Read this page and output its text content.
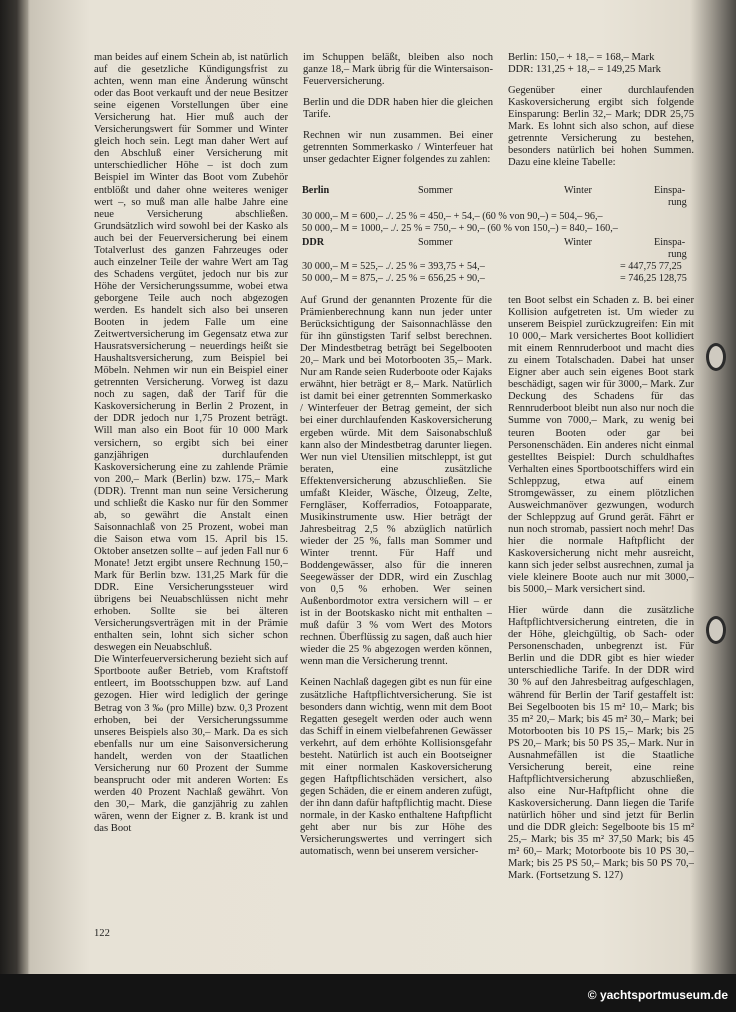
man beides auf einem Schein ab, ist natürlich auf die gesetzliche Kündigungsfrist zu achten, wenn man eine Änderung wünscht oder das Boot verkauft und der neue Besitzer seine eigenen Vorstellungen über eine Versicherung hat. Hier muß auch der Versicherungswert für Sommer und Winter gleich hoch sein. Legt man daher Wert auf den Abschluß einer Versicherung mit unterschiedlicher Höhe – ist doch zum Beispiel im Winter das Boot vom Zubehör entblößt und daher ohne weiteres weniger wert –, so muß man alle halbe Jahre eine neue Versicherung abschließen. Grundsätzlich wird sowohl bei der Kasko als auch bei der Feuerversicherung bei einem Totalverlust des ganzen Fahrzeuges oder auch einzelner Teile der wahre Wert am Tag des Schadens vergütet, jedoch nur bis zur Höhe der Versicherungssumme, wobei etwa geborgene Teile auch noch abgezogen werden. Es handelt sich also bei unseren Booten in jedem Falle um eine Zeitwertversicherung im Gegensatz etwa zur Hausratsversicherung – neuerdings heißt sie Haushaltsversicherung, zum Beispiel bei Möbeln. Nehmen wir nun ein Beispiel einer getrennten Versicherung. Vorweg ist dazu noch zu sagen, daß der Tarif für die Kaskoversicherung in Berlin 2 Prozent, in der DDR jedoch nur 1,75 Prozent beträgt. Will man also ein Boot für 10 000 Mark versichern, so ergibt sich bei einer ganzjährigen durchlaufenden Kaskoversicherung eine zu zahlende Prämie von 200,– Mark (Berlin) bzw. 175,– Mark (DDR). Trennt man nun seine Versicherung und schließt die Kasko nur für den Sommer ab, so gewährt die Anstalt einen Saisonnachlaß von 25 Prozent, wobei man die Saison etwa vom 15. April bis 15. Oktober ansetzen sollte – auf jeden Fall nur 6 Monate! Jetzt ergibt unsere Rechnung 150,– Mark für Berlin bzw. 131,25 Mark für die DDR. Eine Versicherungssteuer wird übrigens bei Neuabschlüssen nicht mehr erhoben. Sollte sie bei älteren Versicherungsverträgen mit in der Prämie enthalten sein, lohnt sich sicher schon deswegen ein Neuabschluß.

Die Winterfeuerversicherung bezieht sich auf Sportboote außer Betrieb, vom Kraftstoff entleert, im Bootsschuppen bzw. auf Land gezogen. Hier wird lediglich der geringe Betrag von 3 ‰ (pro Mille) bzw. 0,3 Prozent erhoben, bei der Versicherungssumme unseres Beispiels also 30,– Mark. Da es sich ebenfalls nur um eine Saisonversicherung handelt, werden von der Staatlichen Versicherung nur 60 Prozent der Summe beansprucht oder mit anderen Worten: Es werden 40 Prozent Nachlaß gewährt. Von den 30,– Mark, die ganzjährig zu zahlen wären, wenn der Eigner z. B. krank ist und das Boot

im Schuppen beläßt, bleiben also noch ganze 18,– Mark übrig für die Wintersaison-Feuerversicherung.

Berlin und die DDR haben hier die gleichen Tarife.

Rechnen wir nun zusammen. Bei einer getrennten Sommerkasko / Winterfeuer hat unser gedachter Eigner folgendes zu zahlen:

Berlin: 150,– + 18,– = 168,– Mark
DDR: 131,25 + 18,– = 149,25 Mark

Gegenüber einer durchlaufenden Kaskoversicherung ergibt sich folgende Einsparung: Berlin 32,– Mark; DDR 25,75 Mark. Es lohnt sich also schon, auf diese getrennte Versicherung zu bestehen, besonders natürlich bei hohen Summen. Dazu eine kleine Tabelle:

Berlin	Sommer	Winter	Einspa-
rung
30 000,– M = 600,– ./. 25 % = 450,– + 54,– (60 % von 90,–) = 504,– 96,–
50 000,– M = 1000,– ./. 25 % = 750,– + 90,– (60 % von 150,–) = 840,– 160,–
DDR	Sommer	Winter	Einspa-
rung
30 000,– M = 525,– ./. 25 % = 393,75 + 54,–	= 447,75 77,25
50 000,– M = 875,– ./. 25 % = 656,25 + 90,–	= 746,25 128,75

Auf Grund der genannten Prozente für die Prämienberechnung kann nun jeder unter Berücksichtigung der Saisonnachlässe den für ihn günstigsten Tarif selbst berechnen. Der Mindestbetrag beträgt bei Segelbooten 20,– Mark und bei Motorbooten 35,– Mark. Nur am Rande seien Ruderboote oder Kajaks erwähnt, hier beträgt er 8,– Mark. Natürlich ist damit bei einer getrennten Sommerkasko / Winterfeuer der Betrag gemeint, der sich bei einer durchlaufenden Kaskoversicherung ergeben würde. Mit dem Saisonabschluß kann also der Mindestbetrag darunter liegen. Wer nun viel Utensilien mitschleppt, ist gut beraten, eine zusätzliche Effektenversicherung abzuschließen. Sie umfaßt Kleider, Wäsche, Ölzeug, Zelte, Ferngläser, Kofferradios, Fotoapparate, Musikinstrumente usw. Hier beträgt der Jahresbeitrag 2,5 % abzüglich natürlich wieder der 25 %, falls man Sommer und Winter trennt. Für Haff und Boddengewässer, also für die inneren Seegewässer der DDR, wird ein Zuschlag von 0,5 % erhoben. Wer seinen Außenbordmotor extra versichern will – er ist in der Bootskasko nicht mit enthalten – muß dafür 3 % vom Wert des Motors rechnen. Überflüssig zu sagen, daß auch hier wieder die 25 % abgezogen werden können, wenn man die Versicherung trennt.

Keinen Nachlaß dagegen gibt es nun für eine zusätzliche Haftpflichtversicherung. Sie ist besonders dann wichtig, wenn mit dem Boot Regatten gesegelt werden oder auch wenn das Schiff in einem vielbefahrenen Gewässer verkehrt, auf dem erhöhte Kollisionsgefahr besteht. Natürlich ist auch ein Bootseigner mit einer normalen Kaskoversicherung gegen Haftpflichtschäden versichert, also gegen Schäden, die er einem anderen zufügt, der ihn dann dafür haftpflichtig macht. Diese normale, in der Kasko enthaltene Haftpflicht geht aber nur bis zur Höhe des Versicherungswertes und verringert sich automatisch, wenn bei unserem versicher-

ten Boot selbst ein Schaden z. B. bei einer Kollision aufgetreten ist. Um wieder zu unserem Beispiel zurückzugreifen: Ein mit 10 000,– Mark versichertes Boot kollidiert mit einem Rennruderboot und macht dies zu einem Totalschaden. Dabei hat unser Eigner aber auch sein eigenes Boot stark beschädigt, sagen wir für 3000,– Mark. Zur Deckung des Schadens für das Rennruderboot bleibt nun also nur noch die Summe von 7000,– Mark, zu wenig bei teuren Booten oder gar bei Personenschäden. Ein anderes nicht einmal gestelltes Beispiel: Durch schuldhaftes Verhalten eines Sportbootschiffers wird ein Schleppzug, etwa auf einem Stromgewässer, zu einem plötzlichen Ausweichmanöver gezwungen, wodurch der Schleppzug auf Grund gerät. Fährt er nun noch stromab, passiert noch mehr! Das hier die normale Haftpflicht der Kaskoversicherung nicht mehr ausreicht, kann sich jeder selbst ausrechnen, zumal ja viele kleinere Boote auch nur mit 3000,– bis 5000,– Mark versichert sind.

Hier würde dann die zusätzliche Haftpflichtversicherung eintreten, die in der Höhe, gleichgültig, ob Sach- oder Personenschaden, unbegrenzt ist. Für Berlin und die DDR gibt es hier wieder unterschiedliche Tarife. In der DDR wird 30 % auf den Jahresbeitrag aufgeschlagen, während für Berlin der Tarif gestaffelt ist: Bei Segelbooten bis 15 m² 10,– Mark; bis 35 m² 20,– Mark; bis 45 m² 30,– Mark; bei Motorbooten bis 10 PS 15,– Mark; bis 25 PS 20,– Mark; bis 50 PS 35,– Mark. Nur in Ausnahmefällen ist die Staatliche Versicherung bereit, eine reine Haftpflichtversicherung abzuschließen, also eine Nur-Haftpflicht ohne die Kaskoversicherung. Dann liegen die Tarife natürlich höher und sind jetzt für Berlin und die DDR gleich: Segelboote bis 15 m² 25,– Mark; bis 35 m² 37,50 Mark; bis 45 m² 60,– Mark; Motorboote bis 10 PS 30,– Mark; bis 25 PS 50,– Mark; bis 50 PS 70,– Mark. (Fortsetzung S. 127)

122
© yachtsportmuseum.de
